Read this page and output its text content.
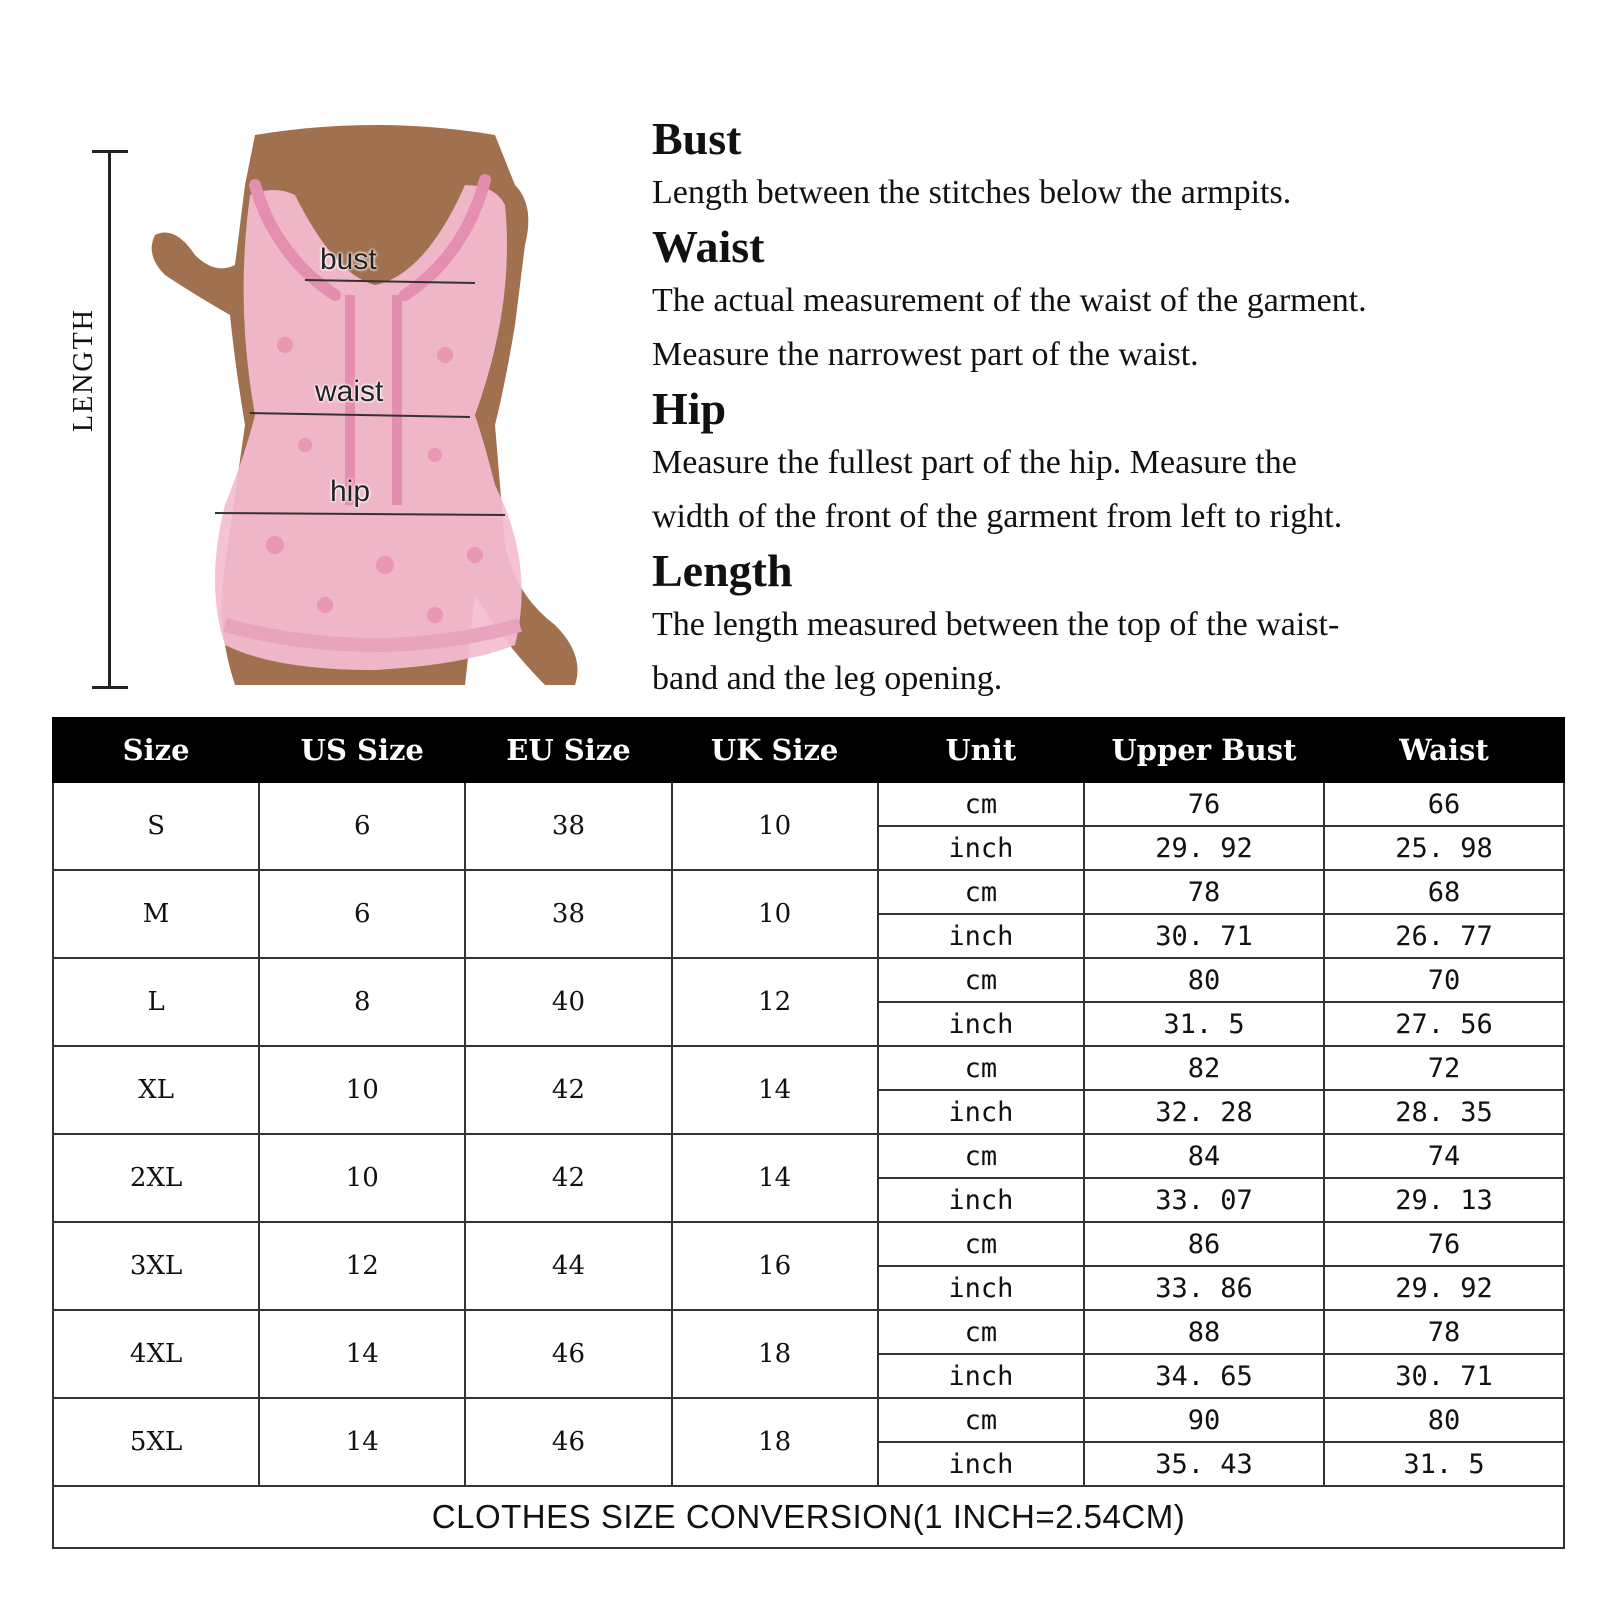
LENGTH
bust
waist
hip

Bust

Length between the stitches below the armpits.

Waist

The actual measurement of the waist of the garment.

Measure the narrowest part of the waist.

Hip

Measure the fullest part of the hip. Measure the

width of the front of the garment from left to right.

Length

The length measured between the top of the waist-

band and the leg opening.

Size	US Size	EU Size	UK Size	Unit	Upper Bust	Waist
S	6	38	10	cm	76	66
				inch	29. 92	25. 98
M	6	38	10	cm	78	68
				inch	30. 71	26. 77
L	8	40	12	cm	80	70
				inch	31. 5	27. 56
XL	10	42	14	cm	82	72
				inch	32. 28	28. 35
2XL	10	42	14	cm	84	74
				inch	33. 07	29. 13
3XL	12	44	16	cm	86	76
				inch	33. 86	29. 92
4XL	14	46	18	cm	88	78
				inch	34. 65	30. 71
5XL	14	46	18	cm	90	80
				inch	35. 43	31. 5
CLOTHES SIZE CONVERSION(1 INCH=2.54CM)						
